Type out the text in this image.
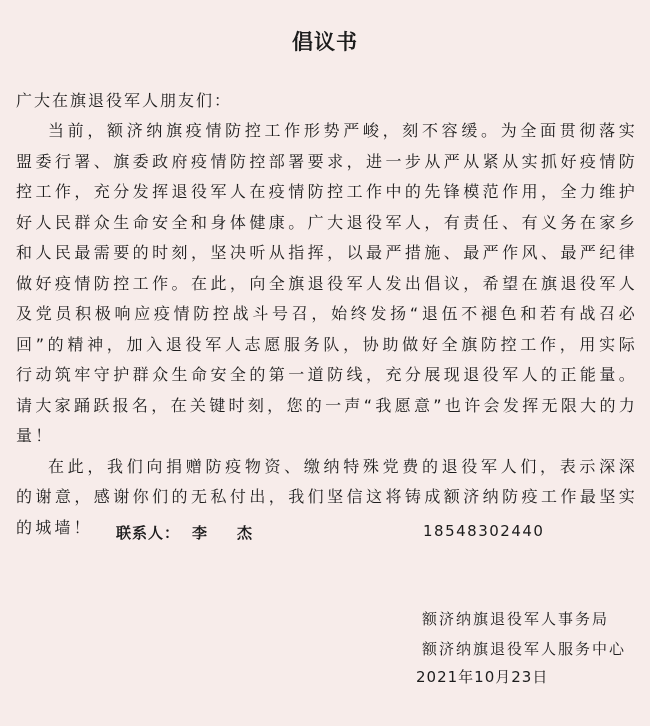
倡议书
广大在旗退役军人朋友们：

当前，额济纳旗疫情防控工作形势严峻，刻不容缓。为全面贯彻落实盟委行署、旗委政府疫情防控部署要求，进一步从严从紧从实抓好疫情防控工作，充分发挥退役军人在疫情防控工作中的先锋模范作用，全力维护好人民群众生命安全和身体健康。广大退役军人，有责任、有义务在家乡和人民最需要的时刻，坚决听从指挥，以最严措施、最严作风、最严纪律做好疫情防控工作。在此，向全旗退役军人发出倡议，希望在旗退役军人及党员积极响应疫情防控战斗号召，始终发扬“退伍不褪色和若有战召必回”的精神，加入退役军人志愿服务队，协助做好全旗防控工作，用实际行动筑牢守护群众生命安全的第一道防线，充分展现退役军人的正能量。请大家踊跃报名，在关键时刻，您的一声“我愿意”也许会发挥无限大的力量！

在此，我们向捐赠防疫物资、缴纳特殊党费的退役军人们，表示深深的谢意，感谢你们的无私付出，我们坚信这将铸成额济纳防疫工作最坚实的城墙！	联系人： 李杰	18548302440
额济纳旗退役军人事务局
额济纳旗退役军人服务中心
2021年10月23日
